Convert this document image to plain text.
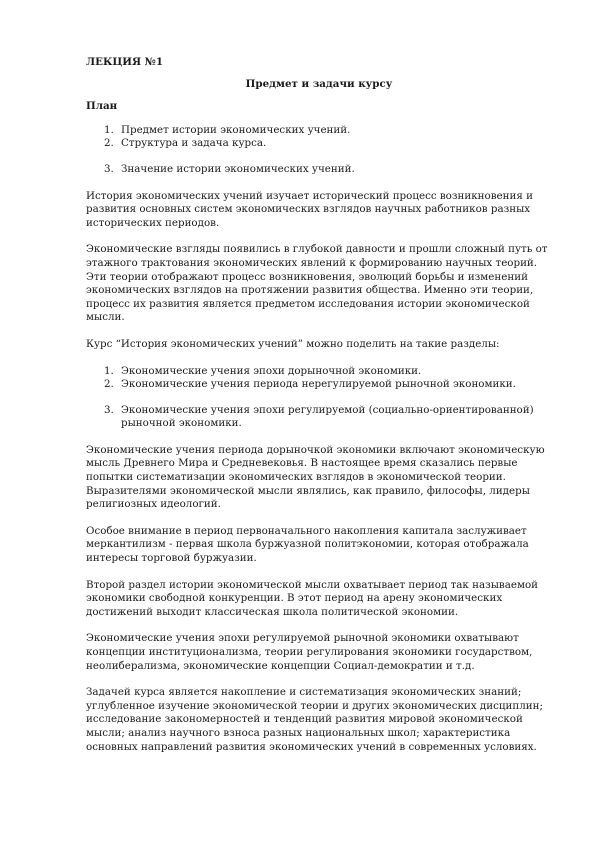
ЛЕКЦИЯ №1
Предмет и задачи курсу
План
1. Предмет истории экономических учений.
2. Структура и задача курса.
3. Значение истории экономических учений.

История экономических учений изучает исторический процесс возникновения и развития основных систем экономических взглядов научных работников разных исторических периодов.

Экономические взгляды появились в глубокой давности и прошли сложный путь от этажного трактования экономических явлений к формированию научных теорий. Эти теории отображают процесс возникновения, эволюций борьбы и изменений экономических взглядов на протяжении развития общества. Именно эти теории, процесс их развития является предметом исследования истории экономической мысли.

Курс “История экономических учений” можно поделить на такие разделы:

1. Экономические учения эпохи дорыночной экономики.
2. Экономические учения периода нерегулируемой рыночной экономики.
3. Экономические учения эпохи регулируемой (социально-ориентированной) рыночной экономики.

Экономические учения периода дорыночкой экономики включают экономическую мысль Древнего Мира и Средневековья. В настоящее время сказались первые попытки систематизации экономических взглядов в экономической теории. Выразителями экономической мысли являлись, как правило, философы, лидеры религиозных идеологий.

Особое внимание в период первоначального накопления капитала заслуживает меркантилизм - первая школа буржуазной политэкономии, которая отображала интересы торговой буржуазии.

Второй раздел истории экономической мысли охватывает период так называемой экономики свободной конкуренции. В этот период на арену экономических достижений выходит классическая школа политической экономии.

Экономические учения эпохи регулируемой рыночной экономики охватывают концепции институционализма, теории регулирования экономики государством, неолиберализма, экономические концепции Социал-демократии и т.д.

Задачей курса является накопление и систематизация экономических знаний; углубленное изучение экономической теории и других экономических дисциплин; исследование закономерностей и тенденций развития мировой экономической мысли; анализ научного взноса разных национальных школ; характеристика основных направлений развития экономических учений в современных условиях.
